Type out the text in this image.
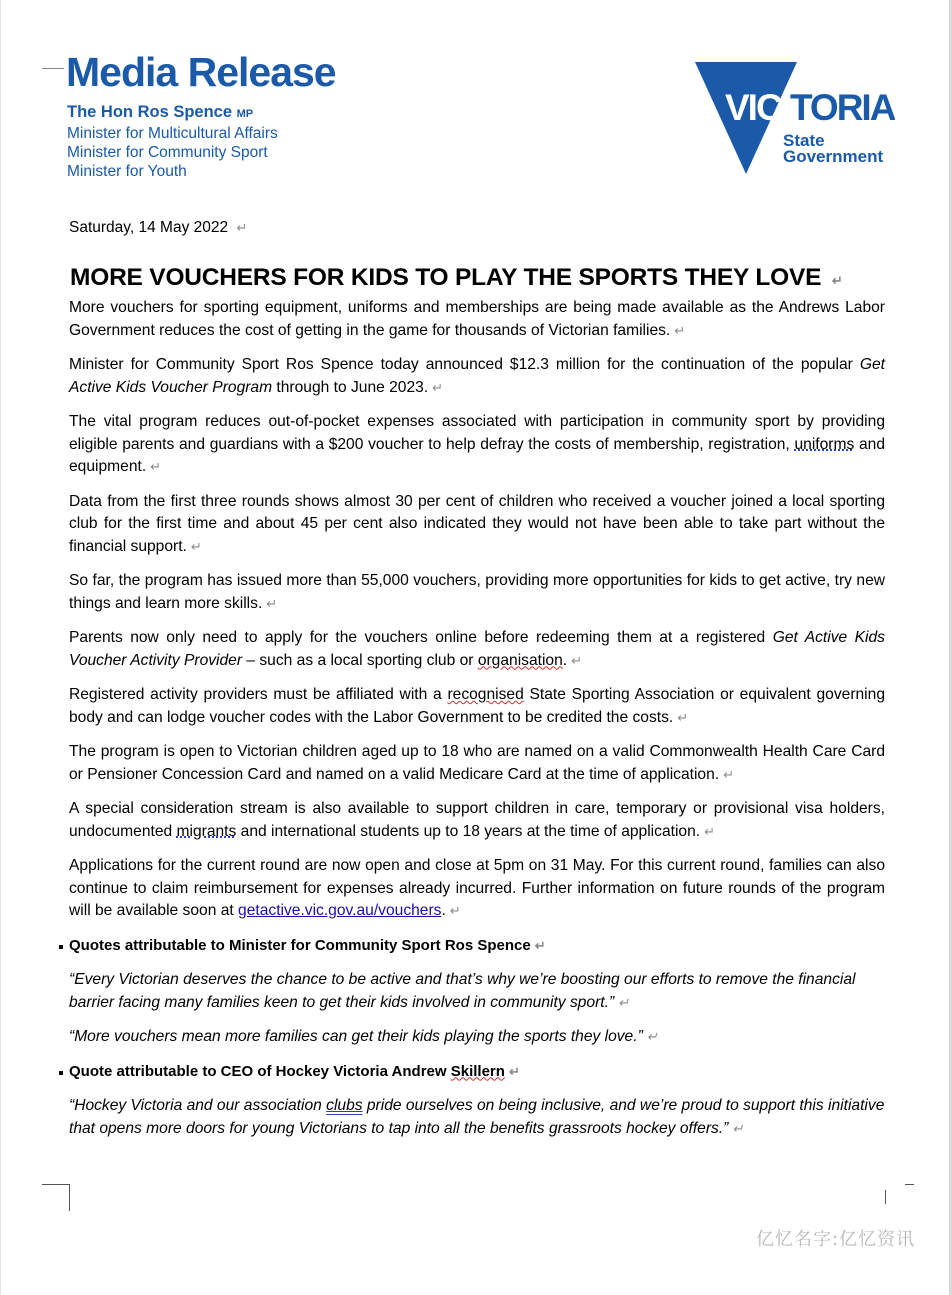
Media Release
The Hon Ros Spence MP
Minister for Multicultural Affairs
Minister for Community Sport
Minister for Youth
VIC TORIA
State
Government
Saturday, 14 May 2022 ↵
MORE VOUCHERS FOR KIDS TO PLAY THE SPORTS THEY LOVE ↵

More vouchers for sporting equipment, uniforms and memberships are being made available as the Andrews Labor Government reduces the cost of getting in the game for thousands of Victorian families. ↵

Minister for Community Sport Ros Spence today announced $12.3 million for the continuation of the popular Get Active Kids Voucher Program through to June 2023. ↵

The vital program reduces out-of-pocket expenses associated with participation in community sport by providing eligible parents and guardians with a $200 voucher to help defray the costs of membership, registration, uniforms and equipment. ↵

Data from the first three rounds shows almost 30 per cent of children who received a voucher joined a local sporting club for the first time and about 45 per cent also indicated they would not have been able to take part without the financial support. ↵

So far, the program has issued more than 55,000 vouchers, providing more opportunities for kids to get active, try new things and learn more skills. ↵

Parents now only need to apply for the vouchers online before redeeming them at a registered Get Active Kids Voucher Activity Provider – such as a local sporting club or organisation. ↵

Registered activity providers must be affiliated with a recognised State Sporting Association or equivalent governing body and can lodge voucher codes with the Labor Government to be credited the costs. ↵

The program is open to Victorian children aged up to 18 who are named on a valid Commonwealth Health Care Card or Pensioner Concession Card and named on a valid Medicare Card at the time of application. ↵

A special consideration stream is also available to support children in care, temporary or provisional visa holders, undocumented migrants and international students up to 18 years at the time of application. ↵

Applications for the current round are now open and close at 5pm on 31 May. For this current round, families can also continue to claim reimbursement for expenses already incurred. Further information on future rounds of the program will be available soon at getactive.vic.gov.au/vouchers. ↵

Quotes attributable to Minister for Community Sport Ros Spence ↵

“Every Victorian deserves the chance to be active and that’s why we’re boosting our efforts to remove the financial barrier facing many families keen to get their kids involved in community sport.” ↵

“More vouchers mean more families can get their kids playing the sports they love.” ↵

Quote attributable to CEO of Hockey Victoria Andrew Skillern ↵

“Hockey Victoria and our association clubs pride ourselves on being inclusive, and we’re proud to support this initiative that opens more doors for young Victorians to tap into all the benefits grassroots hockey offers.” ↵

亿忆名字:亿忆资讯
